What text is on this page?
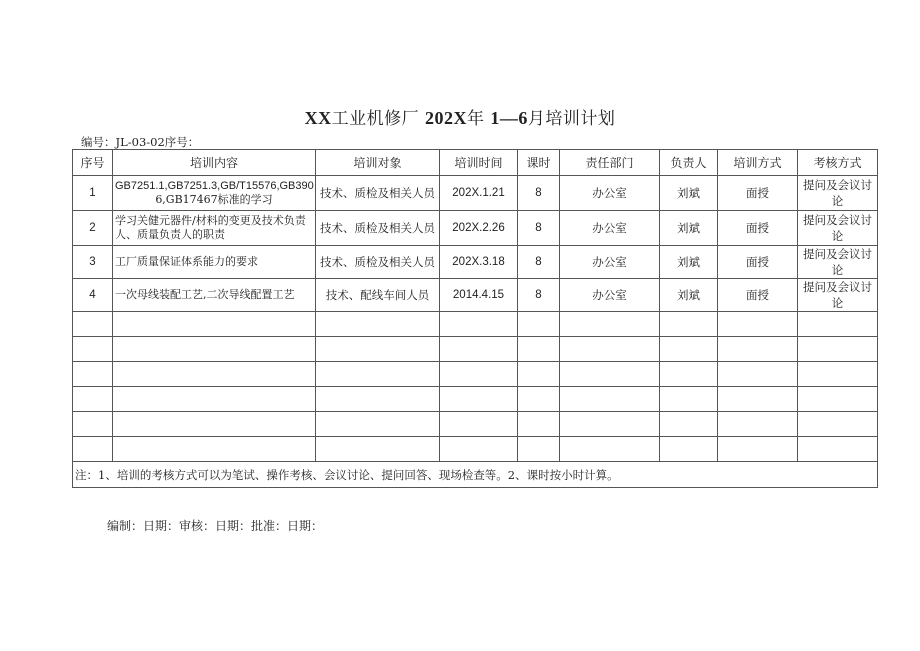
XX工业机修厂 202X年 1—6月培训计划
编号：JL-03-02序号：
序号	培训内容	培训对象	培训时间	课时	责任部门	负责人	培训方式	考核方式
1	GB7251.1,GB7251.3,GB/T15576,GB390
6,GB17467标准的学习	技术、质检及相关人员	202X.1.21	8	办公室	刘斌	面授	提问及会议讨论
2	学习关健元器件/材料的变更及技术负责
人、质量负责人的职责	技术、质检及相关人员	202X.2.26	8	办公室	刘斌	面授	提问及会议讨论
3	工厂质量保证体系能力的要求	技术、质检及相关人员	202X.3.18	8	办公室	刘斌	面授	提问及会议讨论
4	一次母线装配工艺,二次导线配置工艺	技术、配线车间人员	2014.4.15	8	办公室	刘斌	面授	提问及会议讨论

注：1、培训的考核方式可以为笔试、操作考核、会议讨论、提问回答、现场检查等。2、课时按小时计算。								
编制：日期：审核：日期：批准：日期：
